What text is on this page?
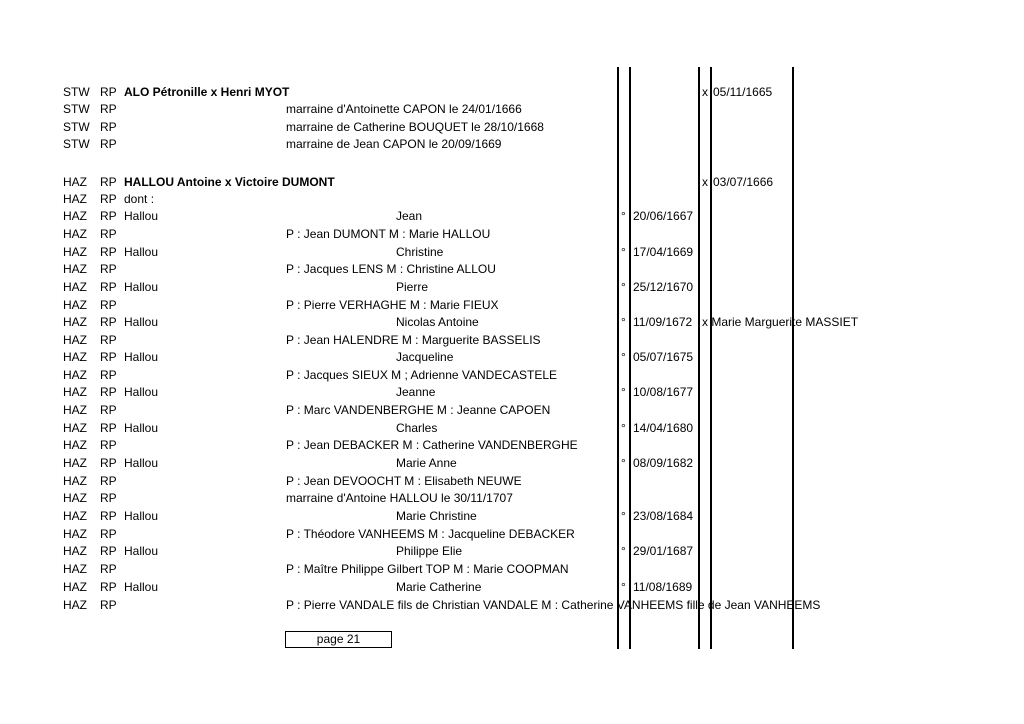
STW RP ALO Pétronille x Henri MYOT	x 05/11/1665
STW RP	marraine d'Antoinette CAPON le 24/01/1666
STW RP	marraine de Catherine BOUQUET le 28/10/1668
STW RP	marraine de Jean CAPON le 20/09/1669
HAZ RP HALLOU Antoine x Victoire DUMONT	x 03/07/1666
HAZ RP dont :
HAZ RP Hallou	Jean	° 20/06/1667
HAZ RP	P : Jean DUMONT M : Marie HALLOU
HAZ RP Hallou	Christine	° 17/04/1669
HAZ RP	P : Jacques LENS M : Christine ALLOU
HAZ RP Hallou	Pierre	° 25/12/1670
HAZ RP	P : Pierre VERHAGHE M : Marie FIEUX
HAZ RP Hallou	Nicolas Antoine	° 11/09/1672 x Marie Marguerite MASSIET
HAZ RP	P : Jean HALENDRE M : Marguerite BASSELIS
HAZ RP Hallou	Jacqueline	° 05/07/1675
HAZ RP	P : Jacques SIEUX M ; Adrienne VANDECASTELE
HAZ RP Hallou	Jeanne	° 10/08/1677
HAZ RP	P : Marc VANDENBERGHE M : Jeanne CAPOEN
HAZ RP Hallou	Charles	° 14/04/1680
HAZ RP	P : Jean DEBACKER M : Catherine VANDENBERGHE
HAZ RP Hallou	Marie Anne	° 08/09/1682
HAZ RP	P : Jean DEVOOCHT M : Elisabeth NEUWE
HAZ RP	marraine d'Antoine HALLOU le 30/11/1707
HAZ RP Hallou	Marie Christine	° 23/08/1684
HAZ RP	P : Théodore VANHEEMS M : Jacqueline DEBACKER
HAZ RP Hallou	Philippe Elie	° 29/01/1687
HAZ RP	P : Maître Philippe Gilbert TOP M : Marie COOPMAN
HAZ RP Hallou	Marie Catherine	° 11/08/1689
HAZ RP	P : Pierre VANDALE fils de Christian VANDALE M : Catherine VANHEEMS fille de Jean VANHEEMS
page 21
